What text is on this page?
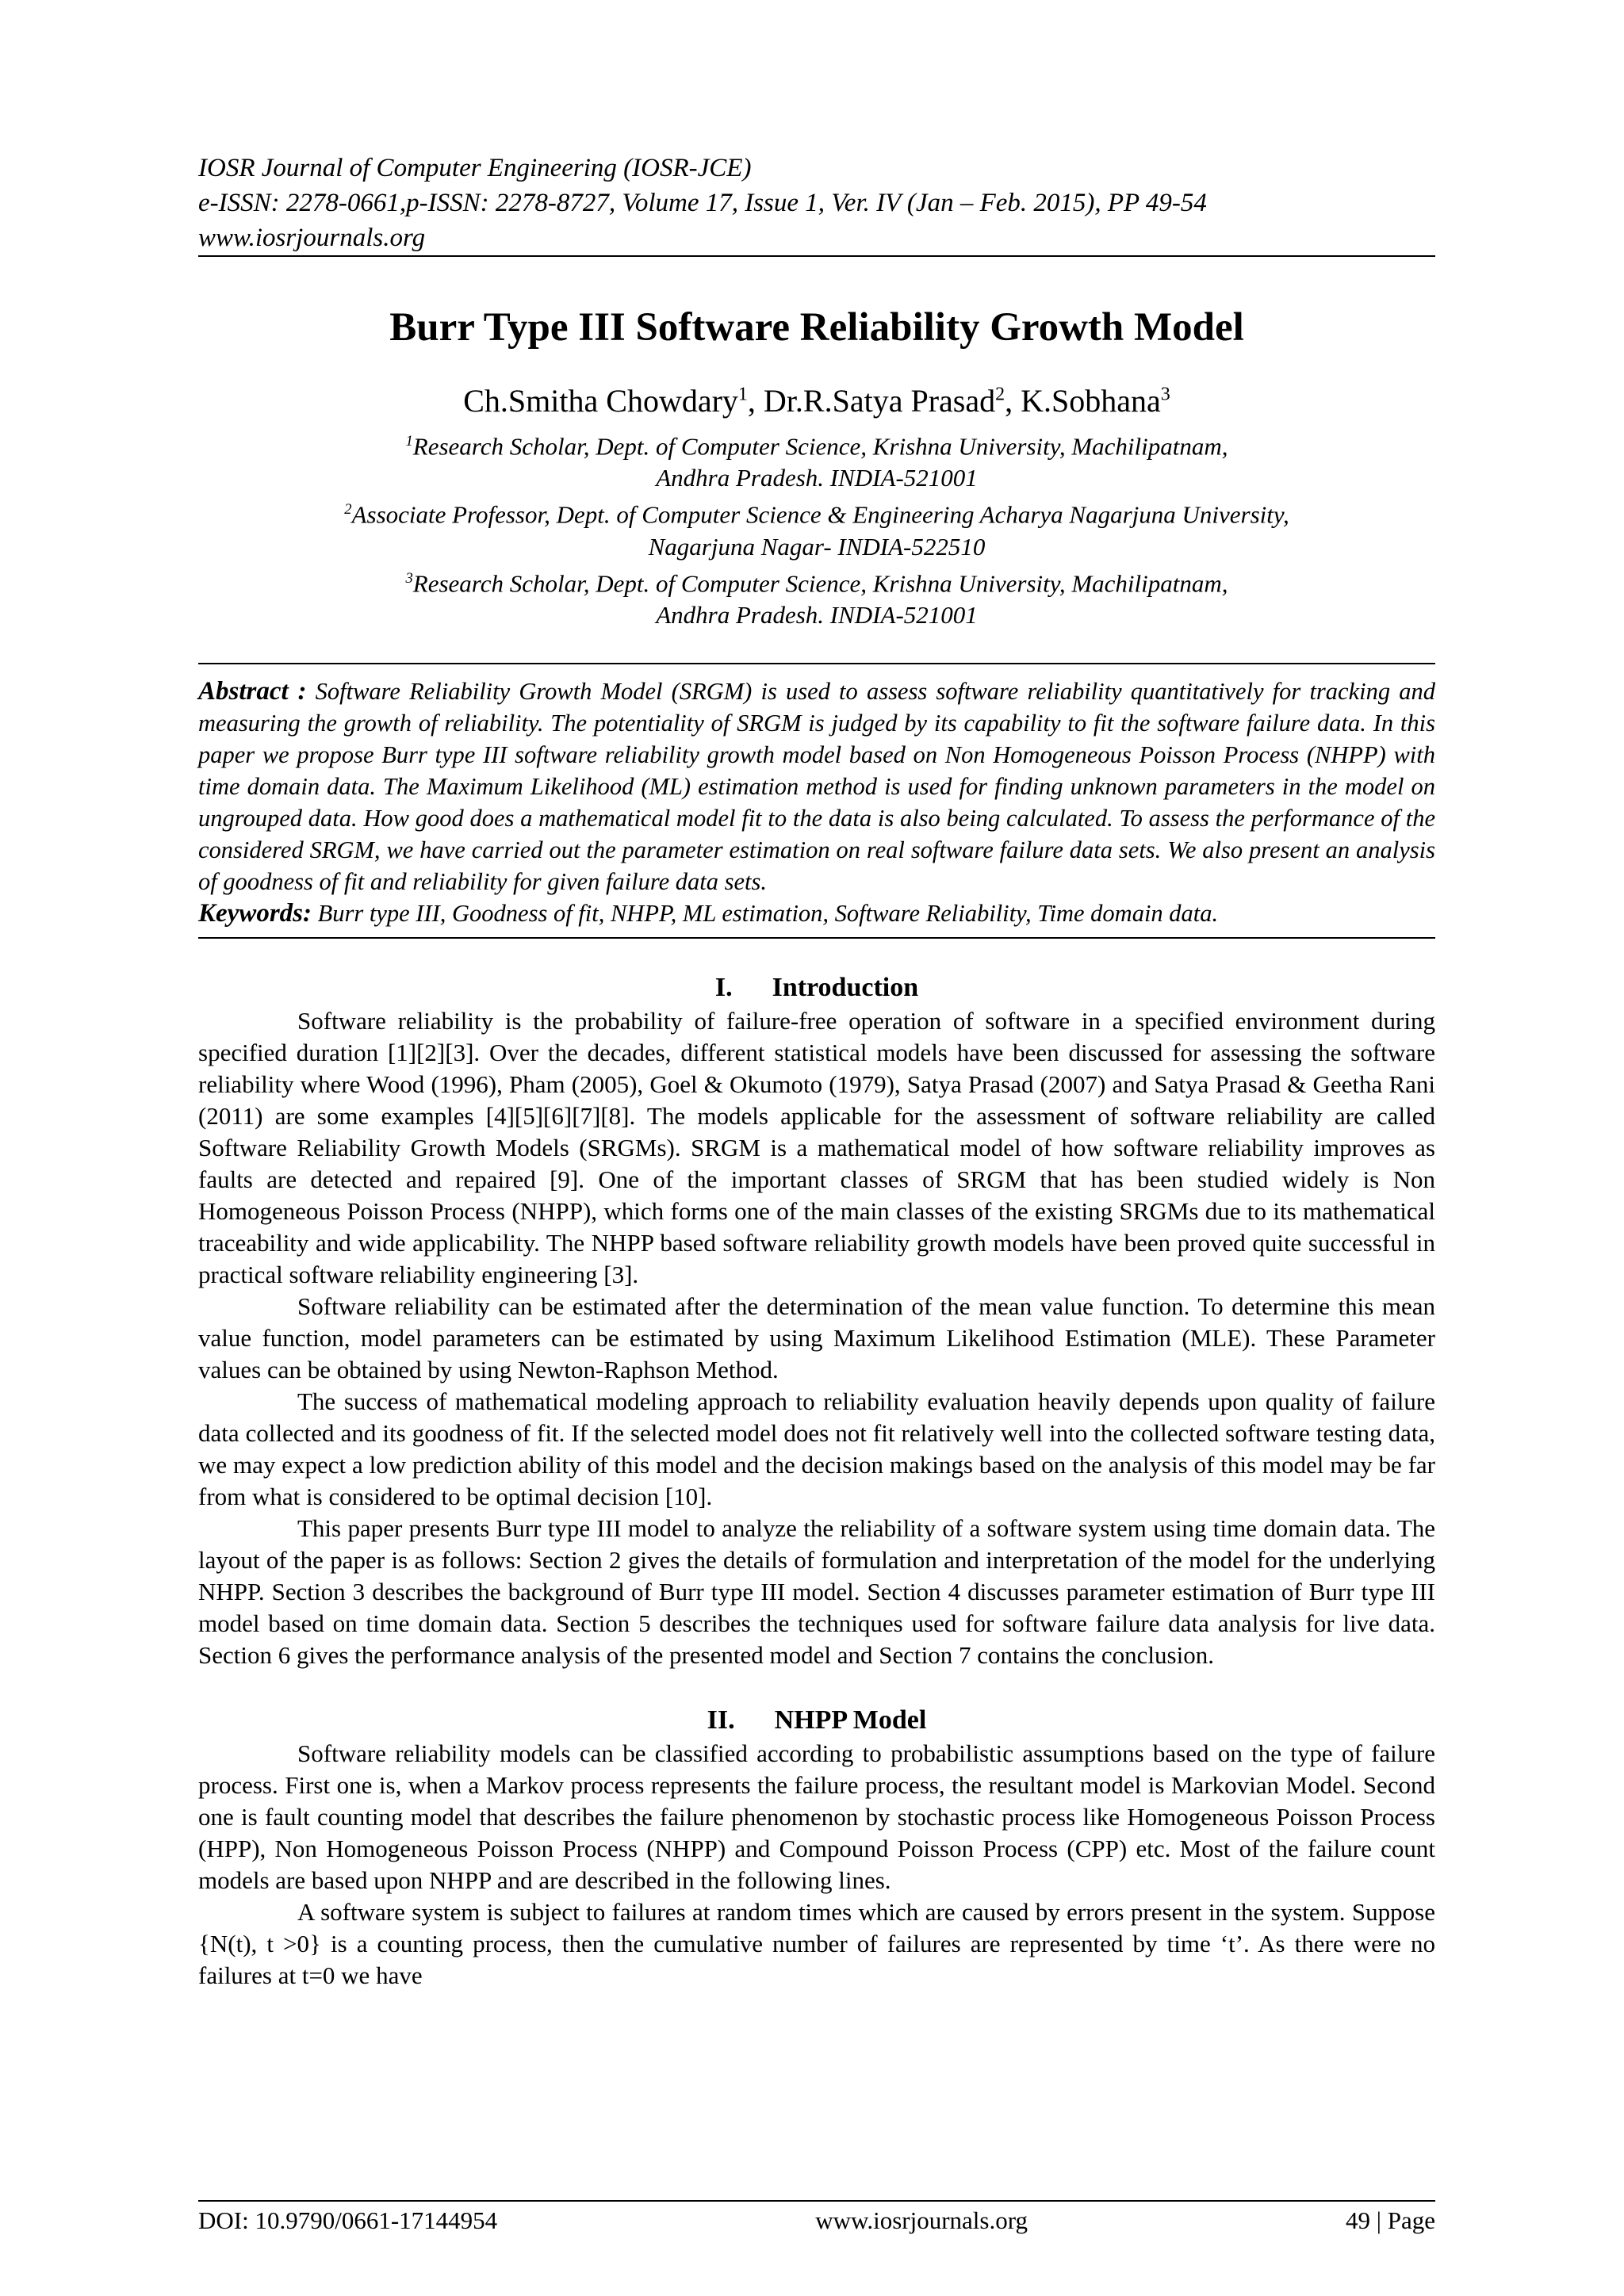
IOSR Journal of Computer Engineering (IOSR-JCE)
e-ISSN: 2278-0661,p-ISSN: 2278-8727, Volume 17, Issue 1, Ver. IV (Jan – Feb. 2015), PP 49-54
www.iosrjournals.org
Burr Type III Software Reliability Growth Model
Ch.Smitha Chowdary$^1$, Dr.R.Satya Prasad$^2$, K.Sobhana$^3$
$^1$Research Scholar, Dept. of Computer Science, Krishna University, Machilipatnam,
Andhra Pradesh. INDIA-521001
$^2$Associate Professor, Dept. of Computer Science & Engineering Acharya Nagarjuna University,
Nagarjuna Nagar- INDIA-522510
$^3$Research Scholar, Dept. of Computer Science, Krishna University, Machilipatnam,
Andhra Pradesh. INDIA-521001
Abstract : Software Reliability Growth Model (SRGM) is used to assess software reliability quantitatively for tracking and measuring the growth of reliability. The potentiality of SRGM is judged by its capability to fit the software failure data. In this paper we propose Burr type III software reliability growth model based on Non Homogeneous Poisson Process (NHPP) with time domain data. The Maximum Likelihood (ML) estimation method is used for finding unknown parameters in the model on ungrouped data. How good does a mathematical model fit to the data is also being calculated. To assess the performance of the considered SRGM, we have carried out the parameter estimation on real software failure data sets. We also present an analysis of goodness of fit and reliability for given failure data sets.
Keywords: Burr type III, Goodness of fit, NHPP, ML estimation, Software Reliability, Time domain data.
I. Introduction

Software reliability is the probability of failure-free operation of software in a specified environment during specified duration [1][2][3]. Over the decades, different statistical models have been discussed for assessing the software reliability where Wood (1996), Pham (2005), Goel & Okumoto (1979), Satya Prasad (2007) and Satya Prasad & Geetha Rani (2011) are some examples [4][5][6][7][8]. The models applicable for the assessment of software reliability are called Software Reliability Growth Models (SRGMs). SRGM is a mathematical model of how software reliability improves as faults are detected and repaired [9]. One of the important classes of SRGM that has been studied widely is Non Homogeneous Poisson Process (NHPP), which forms one of the main classes of the existing SRGMs due to its mathematical traceability and wide applicability. The NHPP based software reliability growth models have been proved quite successful in practical software reliability engineering [3].

Software reliability can be estimated after the determination of the mean value function. To determine this mean value function, model parameters can be estimated by using Maximum Likelihood Estimation (MLE). These Parameter values can be obtained by using Newton-Raphson Method.

The success of mathematical modeling approach to reliability evaluation heavily depends upon quality of failure data collected and its goodness of fit. If the selected model does not fit relatively well into the collected software testing data, we may expect a low prediction ability of this model and the decision makings based on the analysis of this model may be far from what is considered to be optimal decision [10].

This paper presents Burr type III model to analyze the reliability of a software system using time domain data. The layout of the paper is as follows: Section 2 gives the details of formulation and interpretation of the model for the underlying NHPP. Section 3 describes the background of Burr type III model. Section 4 discusses parameter estimation of Burr type III model based on time domain data. Section 5 describes the techniques used for software failure data analysis for live data. Section 6 gives the performance analysis of the presented model and Section 7 contains the conclusion.

II. NHPP Model

Software reliability models can be classified according to probabilistic assumptions based on the type of failure process. First one is, when a Markov process represents the failure process, the resultant model is Markovian Model. Second one is fault counting model that describes the failure phenomenon by stochastic process like Homogeneous Poisson Process (HPP), Non Homogeneous Poisson Process (NHPP) and Compound Poisson Process (CPP) etc. Most of the failure count models are based upon NHPP and are described in the following lines.

A software system is subject to failures at random times which are caused by errors present in the system. Suppose {N(t), t >0} is a counting process, then the cumulative number of failures are represented by time ‘t’. As there were no failures at t=0 we have

DOI: 10.9790/0661-17144954	www.iosrjournals.org	49 | Page
